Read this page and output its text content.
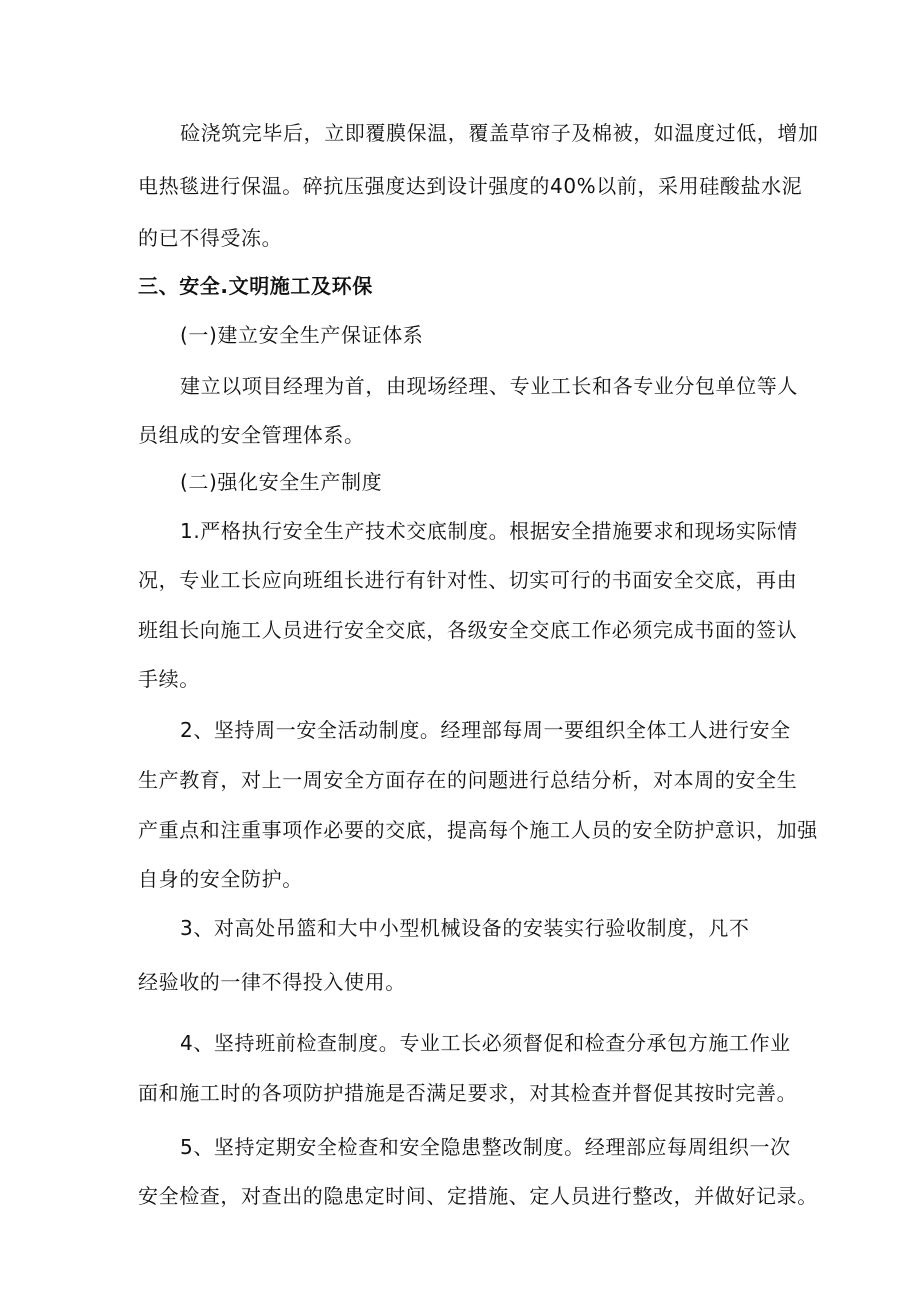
硷浇筑完毕后，立即覆膜保温，覆盖草帘子及棉被，如温度过低，增加
电热毯进行保温。碎抗压强度达到设计强度的40%以前，采用硅酸盐水泥
的已不得受冻。
三、安全.文明施工及环保
(一)建立安全生产保证体系
建立以项目经理为首，由现场经理、专业工长和各专业分包单位等人
员组成的安全管理体系。
(二)强化安全生产制度
1.严格执行安全生产技术交底制度。根据安全措施要求和现场实际情
况，专业工长应向班组长进行有针对性、切实可行的书面安全交底，再由
班组长向施工人员进行安全交底，各级安全交底工作必须完成书面的签认
手续。
2、坚持周一安全活动制度。经理部每周一要组织全体工人进行安全
生产教育，对上一周安全方面存在的问题进行总结分析，对本周的安全生
产重点和注重事项作必要的交底，提高每个施工人员的安全防护意识，加强
自身的安全防护。
3、对高处吊篮和大中小型机械设备的安装实行验收制度，凡不
经验收的一律不得投入使用。
4、坚持班前检查制度。专业工长必须督促和检查分承包方施工作业
面和施工时的各项防护措施是否满足要求，对其检查并督促其按时完善。
5、坚持定期安全检查和安全隐患整改制度。经理部应每周组织一次
安全检查，对查出的隐患定时间、定措施、定人员进行整改，并做好记录。
